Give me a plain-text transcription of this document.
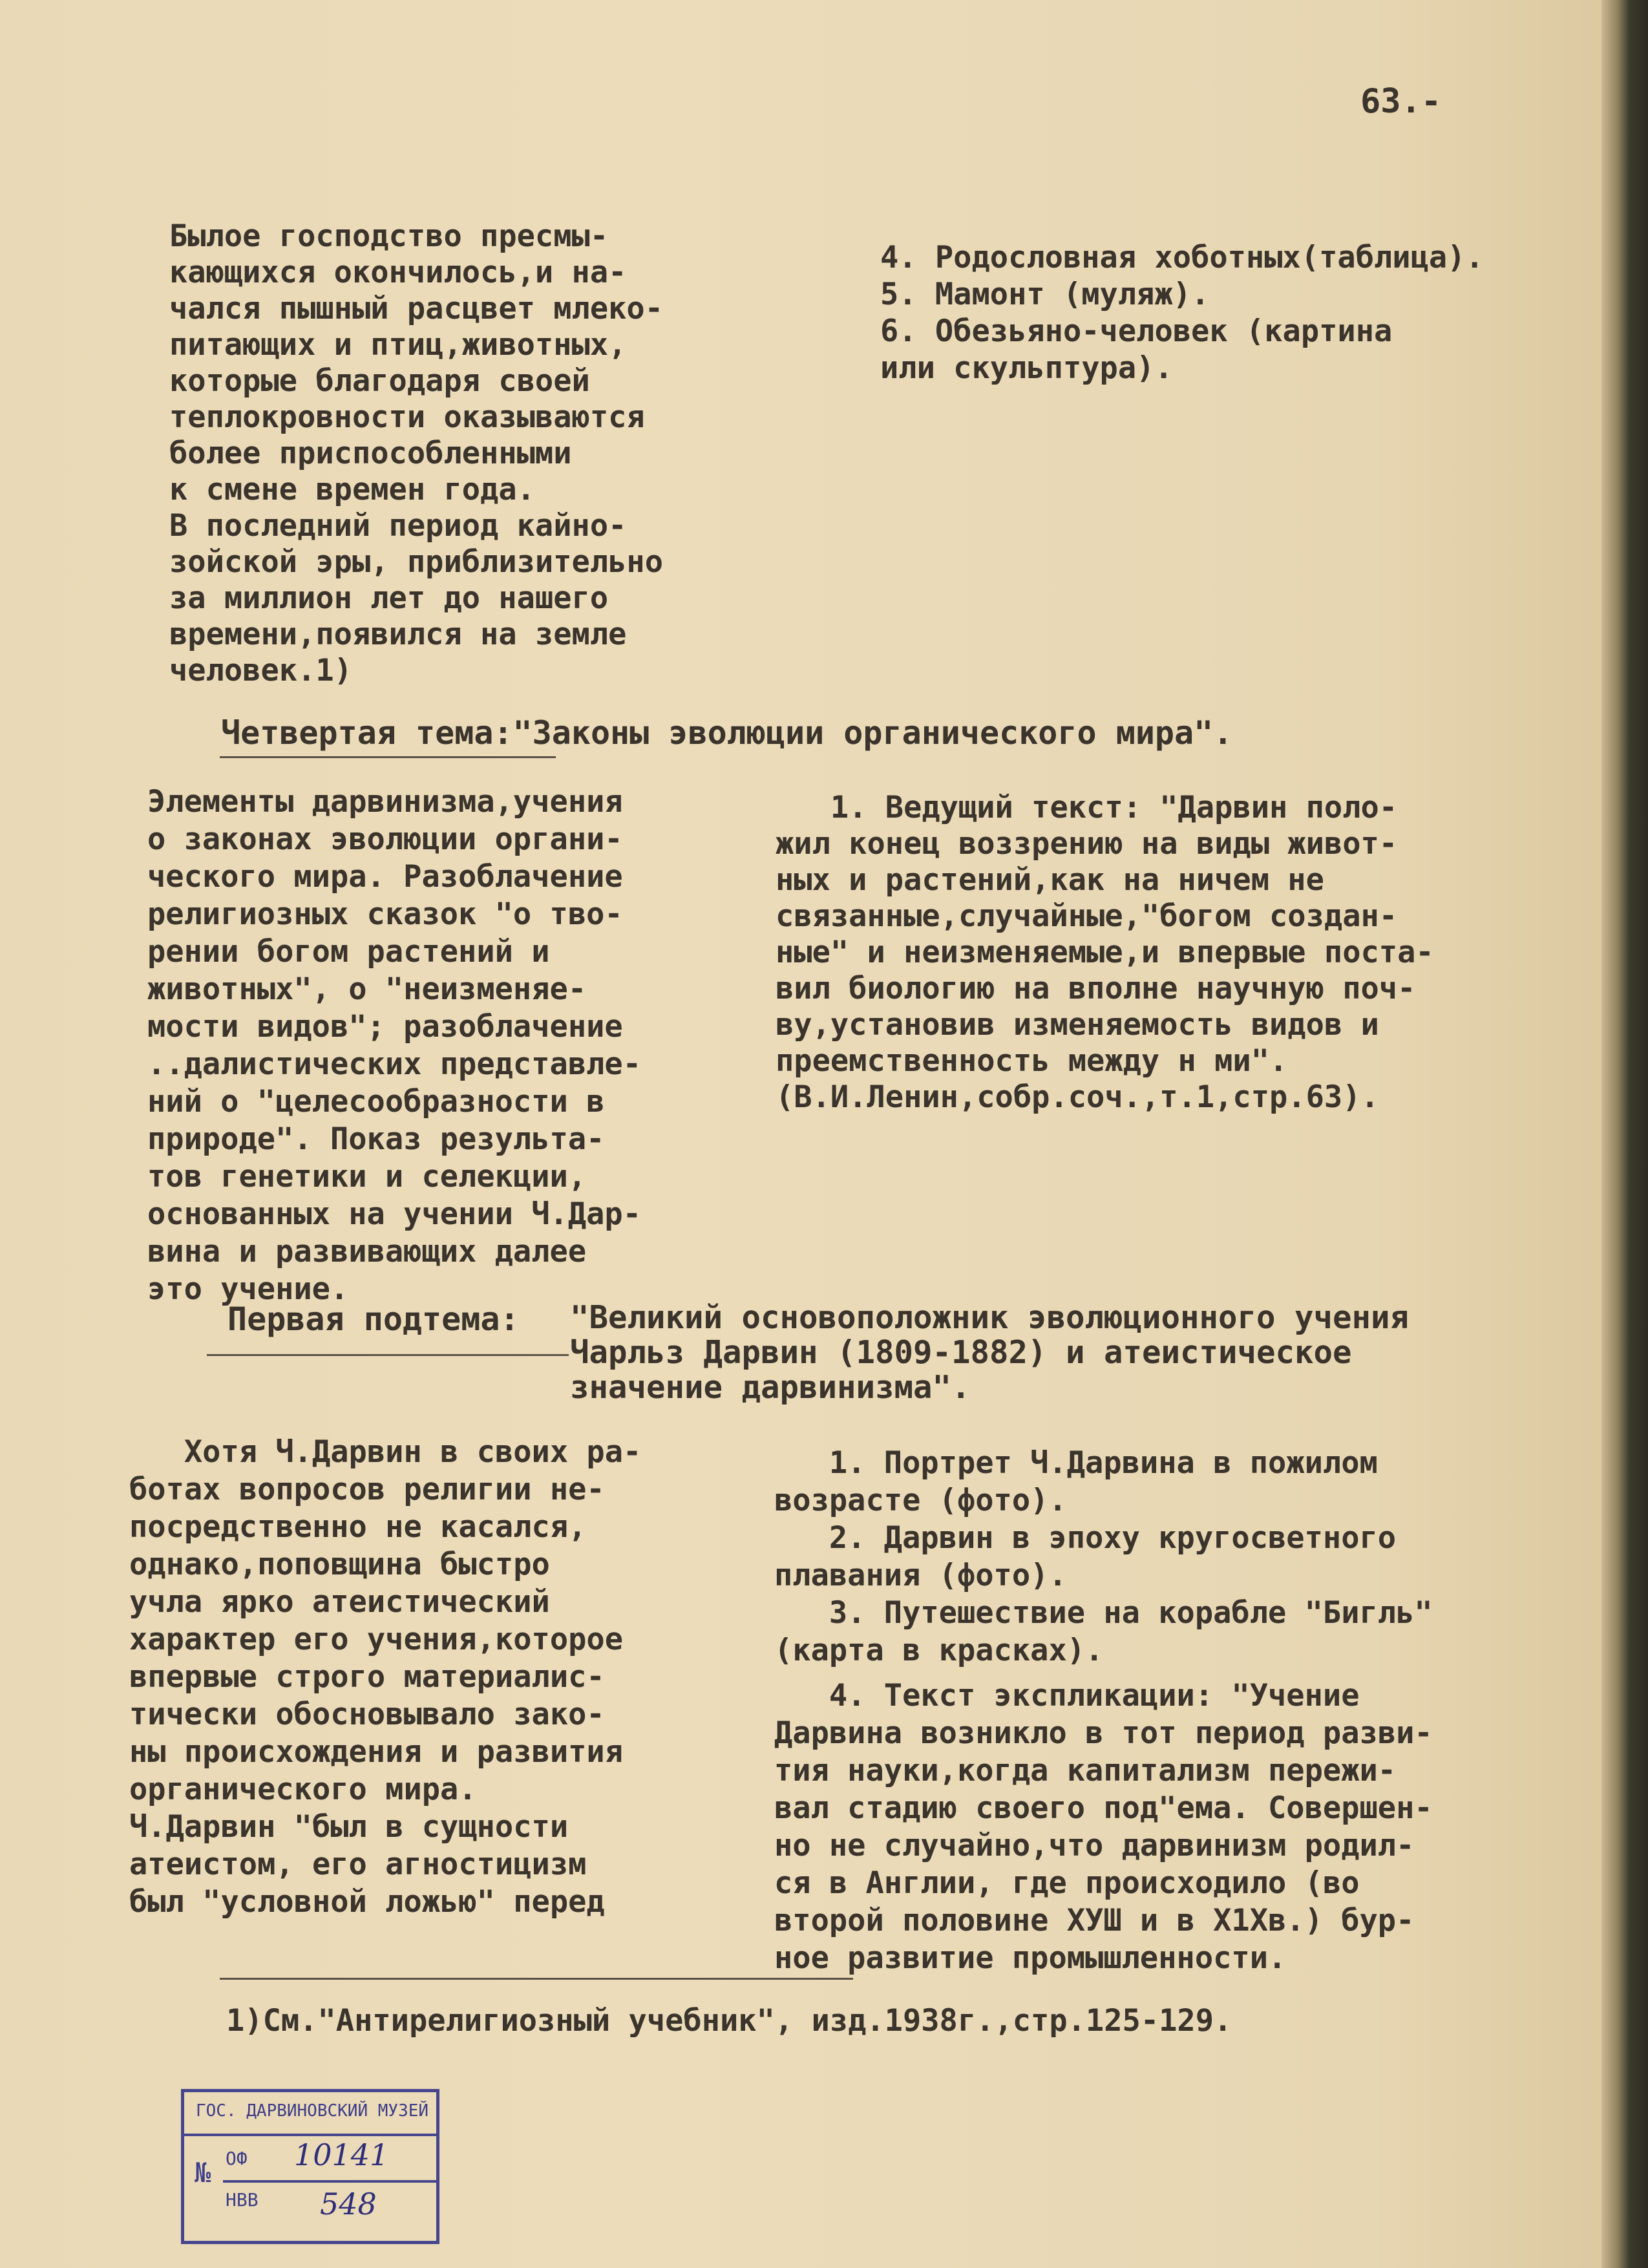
63.-
Былое господство пресмы-
кающихся окончилось,и на-
чался пышный расцвет млеко-
питающих и птиц,животных,
которые благодаря своей
теплокровности оказываются
более приспособленными
к смене времен года.
В последний период кайно-
зойской эры, приблизительно
за миллион лет до нашего
времени,появился на земле
человек.1)
4. Родословная хоботных(таблица).
5. Мамонт (муляж).
6. Обезьяно-человек (картина
или скульптура).
Четвертая тема:"Законы эволюции органического мира".
Элементы дарвинизма,учения
о законах эволюции органи-
ческого мира. Разоблачение
религиозных сказок "о тво-
рении богом растений и
животных", о "неизменяе-
мости видов"; разоблачение
..далистических представле-
ний о "целесообразности в
природе". Показ результа-
тов генетики и селекции,
основанных на учении Ч.Дар-
вина и развивающих далее
это учение.
1. Ведущий текст: "Дарвин поло-
жил конец воззрению на виды живот-
ных и растений,как на ничем не
связанные,случайные,"богом создан-
ные" и неизменяемые,и впервые поста-
вил биологию на вполне научную поч-
ву,установив изменяемость видов и
преемственность между н ми".
(В.И.Ленин,собр.соч.,т.1,стр.63).
Первая подтема: "Великий основоположник эволюционного учения
Чарльз Дарвин (1809-1882) и атеистическое
значение дарвинизма".
Хотя Ч.Дарвин в своих ра-
ботах вопросов религии не-
посредственно не касался,
однако,поповщина быстро
учла ярко атеистический
характер его учения,которое
впервые строго материалис-
тически обосновывало зако-
ны происхождения и развития
органического мира.
Ч.Дарвин "был в сущности
атеистом, его агностицизм
был "условной ложью" перед
1. Портрет Ч.Дарвина в пожилом
возрасте (фото).
2. Дарвин в эпоху кругосветного
плавания (фото).
3. Путешествие на корабле "Бигль"
(карта в красках).
4. Текст экспликации: "Учение
Дарвина возникло в тот период разви-
тия науки,когда капитализм пережи-
вал стадию своего под"ема. Совершен-
но не случайно,что дарвинизм родил-
ся в Англии, где происходило (во
второй половине ХУШ и в Х1Хв.) бур-
ное развитие промышленности.
1)См."Антирелигиозный учебник", изд.1938г.,стр.125-129.
ГОС. ДАРВИНОВСКИЙ МУЗЕЙ
№ ОФ 10141
НВВ 548
